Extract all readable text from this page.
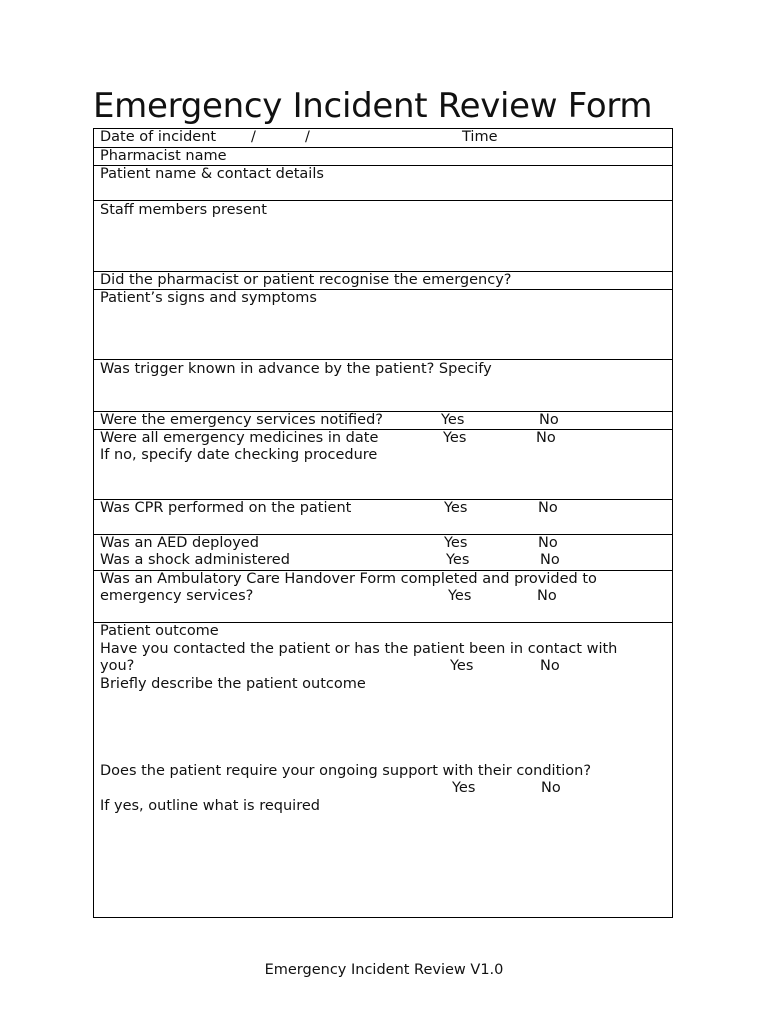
Emergency Incident Review Form
Date of incident /	/	Time
Pharmacist name
Patient name & contact details
Staff members present
Did the pharmacist or patient recognise the emergency?
Patient’s signs and symptoms
Was trigger known in advance by the patient? Specify
Were the emergency services notified?	Yes	No
Were all emergency medicines in date	Yes	No
If no, specify date checking procedure
Was CPR performed on the patient	Yes	No
Was an AED deployed	Yes	No
Was a shock administered	Yes	No
Was an Ambulatory Care Handover Form completed and provided to
emergency services?	Yes	No
Patient outcome
Have you contacted the patient or has the patient been in contact with
you?	Yes	No
Briefly describe the patient outcome
Does the patient require your ongoing support with their condition?
Yes	No
If yes, outline what is required
Emergency Incident Review V1.0
